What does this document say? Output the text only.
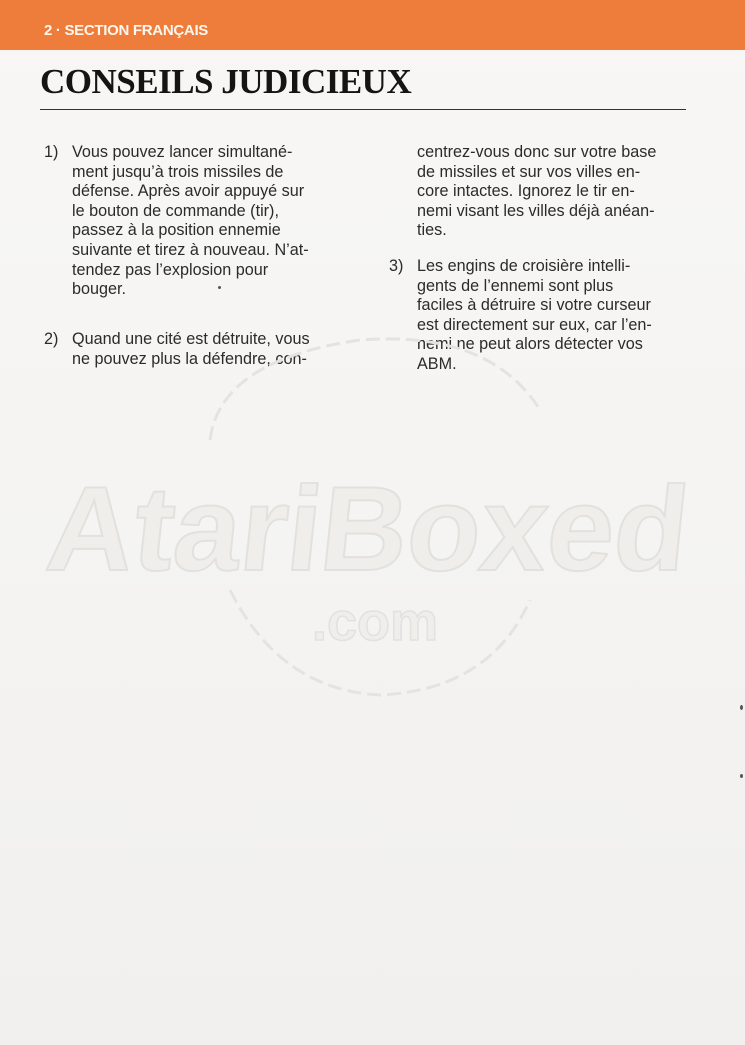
2 · SECTION FRANÇAIS
CONSEILS JUDICIEUX
1) Vous pouvez lancer simultané-
ment jusqu’à trois missiles de
défense. Après avoir appuyé sur
le bouton de commande (tir),
passez à la position ennemie
suivante et tirez à nouveau. N’at-
tendez pas l’explosion pour
bouger.
2) Quand une cité est détruite, vous
ne pouvez plus la défendre, con-
centrez-vous donc sur votre base
de missiles et sur vos villes en-
core intactes. Ignorez le tir en-
nemi visant les villes déjà anéan-
ties.
3) Les engins de croisière intelli-
gents de l’ennemi sont plus
faciles à détruire si votre curseur
est directement sur eux, car l’en-
nemi ne peut alors détecter vos
ABM.
AtariBoxed
.com
